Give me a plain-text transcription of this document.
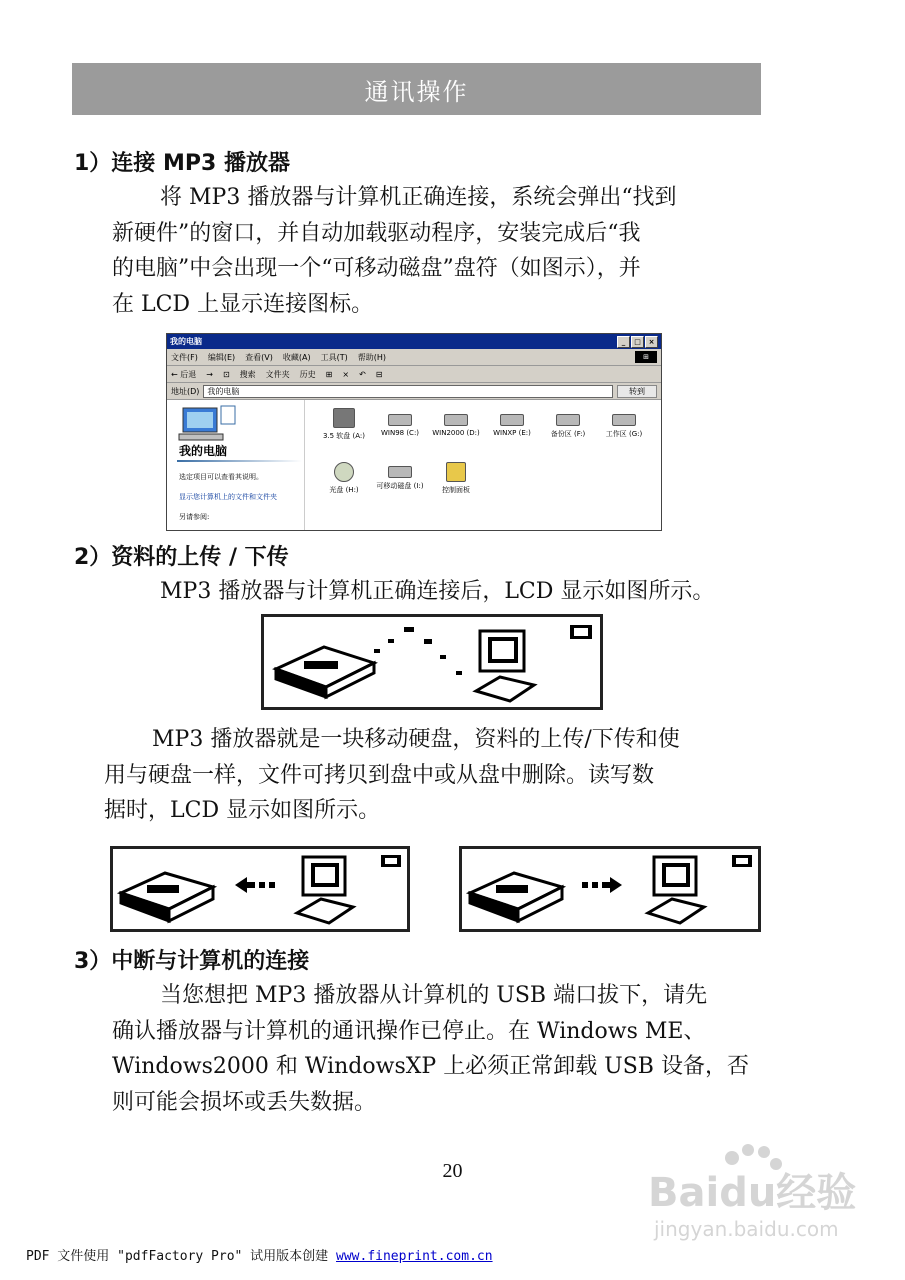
通讯操作
1）连接 MP3 播放器
将 MP3 播放器与计算机正确连接，系统会弹出“找到
新硬件”的窗口，并自动加载驱动程序，安装完成后“我
的电脑”中会出现一个“可移动磁盘”盘符（如图示），并
在 LCD 上显示连接图标。
我的电脑	_	□	×
文件(F) 编辑(E) 查看(V) 收藏(A) 工具(T) 帮助(H)	⊞
← 后退 → ⊡ 搜索 文件夹 历史 ⊞ × ↶ ⊟
地址(D)	我的电脑	转到
我的电脑
选定项目可以查看其说明。
显示您计算机上的文件和文件夹
另请参阅:
3.5 软盘 (A:)	WIN98 (C:)	WIN2000 (D:)	WINXP (E:)	备份区 (F:)	工作区 (G:)
光盘 (H:)	可移动磁盘 (I:)	控制面板
2）资料的上传 / 下传
MP3 播放器与计算机正确连接后，LCD 显示如图所示。
MP3 播放器就是一块移动硬盘，资料的上传/下传和使
用与硬盘一样，文件可拷贝到盘中或从盘中删除。读写数
据时，LCD 显示如图所示。
3）中断与计算机的连接
当您想把 MP3 播放器从计算机的 USB 端口拔下，请先
确认播放器与计算机的通讯操作已停止。在 Windows ME、
Windows2000 和 WindowsXP 上必须正常卸载 USB 设备，否
则可能会损坏或丢失数据。
20	Baidu经验
jingyan.baidu.com
PDF 文件使用 "pdfFactory Pro" 试用版本创建 www.fineprint.com.cn
